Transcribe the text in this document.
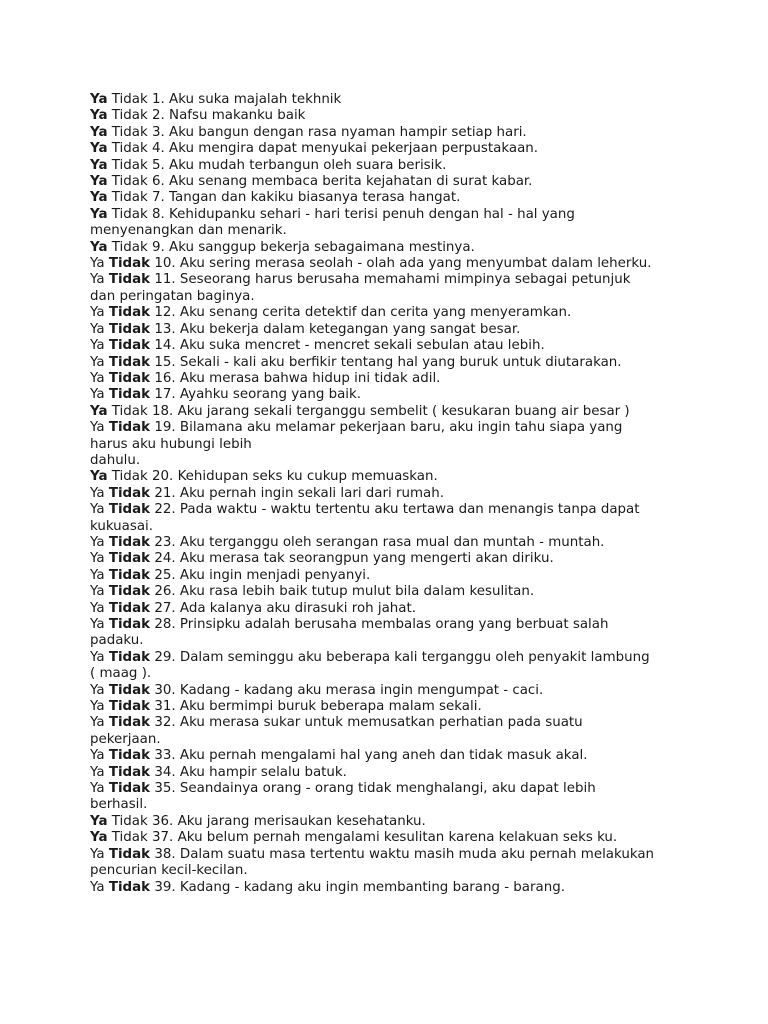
Ya Tidak 1. Aku suka majalah tekhnik
Ya Tidak 2. Nafsu makanku baik
Ya Tidak 3. Aku bangun dengan rasa nyaman hampir setiap hari.
Ya Tidak 4. Aku mengira dapat menyukai pekerjaan perpustakaan.
Ya Tidak 5. Aku mudah terbangun oleh suara berisik.
Ya Tidak 6. Aku senang membaca berita kejahatan di surat kabar.
Ya Tidak 7. Tangan dan kakiku biasanya terasa hangat.
Ya Tidak 8. Kehidupanku sehari - hari terisi penuh dengan hal - hal yang
menyenangkan dan menarik.
Ya Tidak 9. Aku sanggup bekerja sebagaimana mestinya.
Ya Tidak 10. Aku sering merasa seolah - olah ada yang menyumbat dalam leherku.
Ya Tidak 11. Seseorang harus berusaha memahami mimpinya sebagai petunjuk
dan peringatan baginya.
Ya Tidak 12. Aku senang cerita detektif dan cerita yang menyeramkan.
Ya Tidak 13. Aku bekerja dalam ketegangan yang sangat besar.
Ya Tidak 14. Aku suka mencret - mencret sekali sebulan atau lebih.
Ya Tidak 15. Sekali - kali aku berfikir tentang hal yang buruk untuk diutarakan.
Ya Tidak 16. Aku merasa bahwa hidup ini tidak adil.
Ya Tidak 17. Ayahku seorang yang baik.
Ya Tidak 18. Aku jarang sekali terganggu sembelit ( kesukaran buang air besar )
Ya Tidak 19. Bilamana aku melamar pekerjaan baru, aku ingin tahu siapa yang
harus aku hubungi lebih
dahulu.
Ya Tidak 20. Kehidupan seks ku cukup memuaskan.
Ya Tidak 21. Aku pernah ingin sekali lari dari rumah.
Ya Tidak 22. Pada waktu - waktu tertentu aku tertawa dan menangis tanpa dapat
kukuasai.
Ya Tidak 23. Aku terganggu oleh serangan rasa mual dan muntah - muntah.
Ya Tidak 24. Aku merasa tak seorangpun yang mengerti akan diriku.
Ya Tidak 25. Aku ingin menjadi penyanyi.
Ya Tidak 26. Aku rasa lebih baik tutup mulut bila dalam kesulitan.
Ya Tidak 27. Ada kalanya aku dirasuki roh jahat.
Ya Tidak 28. Prinsipku adalah berusaha membalas orang yang berbuat salah
padaku.
Ya Tidak 29. Dalam seminggu aku beberapa kali terganggu oleh penyakit lambung
( maag ).
Ya Tidak 30. Kadang - kadang aku merasa ingin mengumpat - caci.
Ya Tidak 31. Aku bermimpi buruk beberapa malam sekali.
Ya Tidak 32. Aku merasa sukar untuk memusatkan perhatian pada suatu
pekerjaan.
Ya Tidak 33. Aku pernah mengalami hal yang aneh dan tidak masuk akal.
Ya Tidak 34. Aku hampir selalu batuk.
Ya Tidak 35. Seandainya orang - orang tidak menghalangi, aku dapat lebih
berhasil.
Ya Tidak 36. Aku jarang merisaukan kesehatanku.
Ya Tidak 37. Aku belum pernah mengalami kesulitan karena kelakuan seks ku.
Ya Tidak 38. Dalam suatu masa tertentu waktu masih muda aku pernah melakukan
pencurian kecil-kecilan.
Ya Tidak 39. Kadang - kadang aku ingin membanting barang - barang.
